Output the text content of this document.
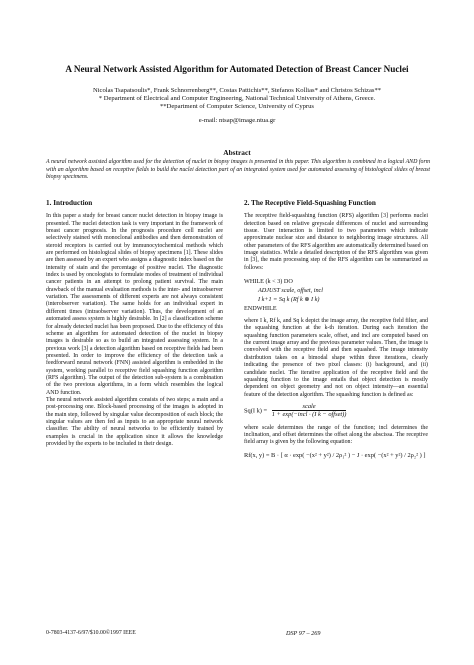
A Neural Network Assisted Algorithm for Automated Detection of Breast Cancer Nuclei
Nicolas Tsapatsoulis*, Frank Schnorrenberg**, Costas Pattichis**, Stefanos Kollias* and Christos Schizas**
* Department of Electrical and Computer Engineering, National Technical University of Athens, Greece.
**Department of Computer Science, University of Cyprus
e-mail: ntsap@image.ntua.gr
Abstract
A neural network assisted algorithm used for the detection of nuclei in biopsy images is presented in this paper. This algorithm is combined in a logical AND form with an algorithm based on receptive fields to build the nuclei detection part of an integrated system used for automated assessing of histological slides of breast biopsy specimens.
1. Introduction

In this paper a study for breast cancer nuclei detection in biopsy image is presented. The nuclei detection task is very important in the framework of breast cancer prognosis. In the prognosis procedure cell nuclei are selectively stained with monoclonal antibodies and then demonstration of steroid receptors is carried out by immunocytochemical methods which are performed on histological slides of biopsy specimens [1]. These slides are then assessed by an expert who assigns a diagnostic index based on the intensity of stain and the percentage of positive nuclei. The diagnostic index is used by oncologists to formulate modes of treatment of individual cancer patients in an attempt to prolong patient survival. The main drawback of the manual evaluation methods is the inter- and intraobserver variation. The assessments of different experts are not always consistent (interobserver variation). The same holds for an individual expert in different times (intraobserver variation). Thus, the development of an automated assess system is highly desirable. In [2] a classification scheme for already detected nuclei has been proposed. Due to the efficiency of this scheme an algorithm for automated detection of the nuclei in biopsy images is desirable so as to build an integrated assessing system. In a previous work [3] a detection algorithm based on receptive fields had been presented. In order to improve the efficiency of the detection task a feedforward neural network (FNN) assisted algorithm is embedded in the system, working parallel to receptive field squashing function algorithm (RFS algorithm). The output of the detection sub-system is a combination of the two previous algorithms, in a form which resembles the logical AND function.

The neural network assisted algorithm consists of two steps; a main and a post-processing one. Block-based processing of the images is adopted in the main step, followed by singular value decomposition of each block; the singular values are then fed as inputs to an appropriate neural network classifier. The ability of neural networks to be efficiently trained by examples is crucial in the application since it allows the knowledge provided by the experts to be included in their design.

2. The Receptive Field-Squashing Function

The receptive field-squashing function (RFS) algorithm [3] performs nuclei detection based on relative greyscale differences of nuclei and surrounding tissue. User interaction is limited to two parameters which indicate approximate nuclear size and distance to neighboring image structures. All other parameters of the RFS algorithm are automatically determined based on image statistics. While a detailed description of the RFS algorithm was given in [3], the main processing step of the RFS algorithm can be summarized as follows:

WHILE (k < 3) DO
ADJUST scale, offset, incl
I k+1 = Sq k (Rf k ⊗ I k)
ENDWHILE

where I k, Rf k, and Sq k depict the image array, the receptive field filter, and the squashing function at the k-th iteration. During each iteration the squashing function parameters scale, offset, and incl are computed based on the current image array and the previous parameter values. Then, the image is convolved with the receptive field and then squashed. The image intensity distribution takes on a bimodal shape within three iterations, clearly indicating the presence of two pixel classes: (i) background, and (ii) candidate nuclei. The iterative application of the receptive field and the squashing function to the image entails that object detection is mostly dependent on object geometry and not on object intensity—an essential feature of the detection algorithm. The squashing function is defined as:

Sq(I $k) = \frac{\text{scale}}{\text{1 + exp(−incl · (I k − offset))}}$

where scale determines the range of the function; incl determines the inclination, and offset determines the offset along the abscissa. The receptive field array is given by the following equation:

Rf(x, y) = B · [ α · exp( −(x² + y²) / 2ρ₁² ) − J · exp( −(x² + y²) / 2ρ₂² ) ]
0-7803-4137-6/97/$10.00©1997 IEEE	DSP 97 – 269
